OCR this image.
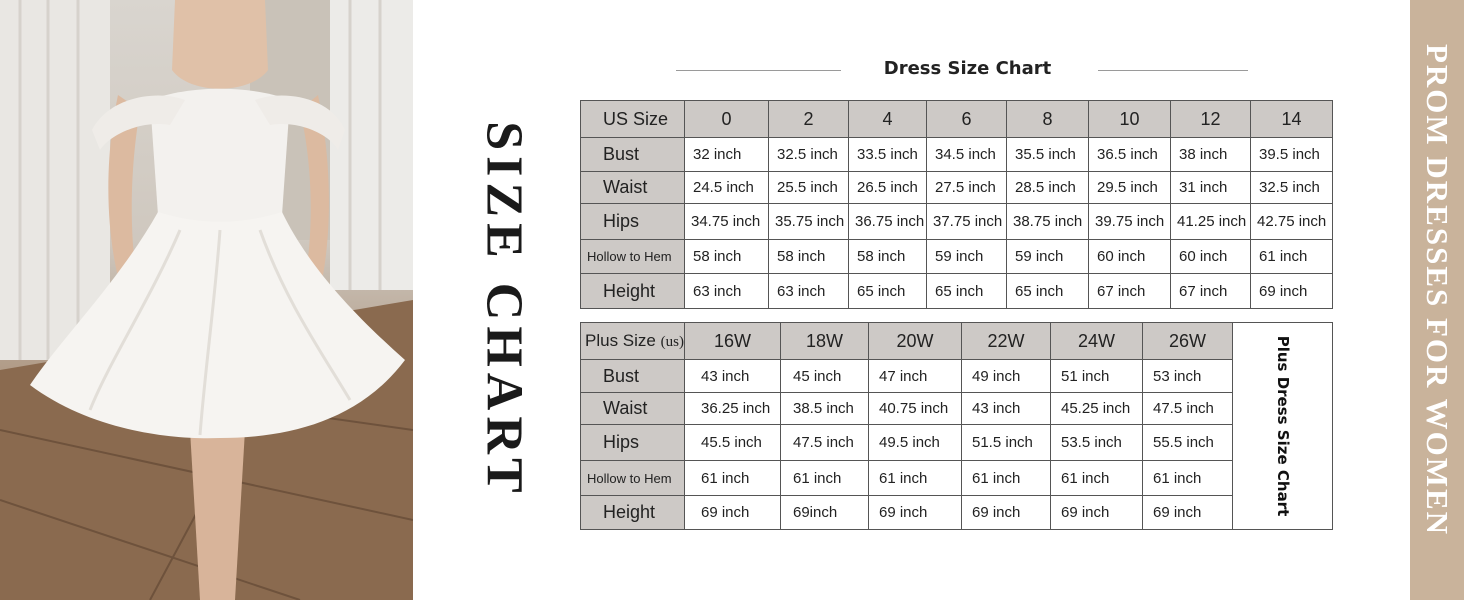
SIZE CHART
Dress Size Chart
US Size	0	2	4	6	8	10	12	14
Bust	32 inch	32.5 inch	33.5 inch	34.5 inch	35.5 inch	36.5 inch	38 inch	39.5 inch
Waist	24.5 inch	25.5 inch	26.5 inch	27.5 inch	28.5 inch	29.5 inch	31 inch	32.5 inch
Hips	34.75 inch	35.75 inch	36.75 inch	37.75 inch	38.75 inch	39.75 inch	41.25 inch	42.75 inch
Hollow to Hem	58 inch	58 inch	58 inch	59 inch	59 inch	60 inch	60 inch	61 inch
Height	63 inch	63 inch	65 inch	65 inch	65 inch	67 inch	67 inch	69 inch
Plus Size (us)	16W	18W	20W	22W	24W	26W	Plus Dress Size Chart

Bust	43 inch	45 inch	47 inch	49 inch	51 inch	53 inch	
Waist	36.25 inch	38.5 inch	40.75 inch	43 inch	45.25 inch	47.5 inch	
Hips	45.5 inch	47.5 inch	49.5 inch	51.5 inch	53.5 inch	55.5 inch	
Hollow to Hem	61 inch	61 inch	61 inch	61 inch	61 inch	61 inch	
Height	69 inch	69inch	69 inch	69 inch	69 inch	69 inch		PROM DRESSES FOR WOMEN
